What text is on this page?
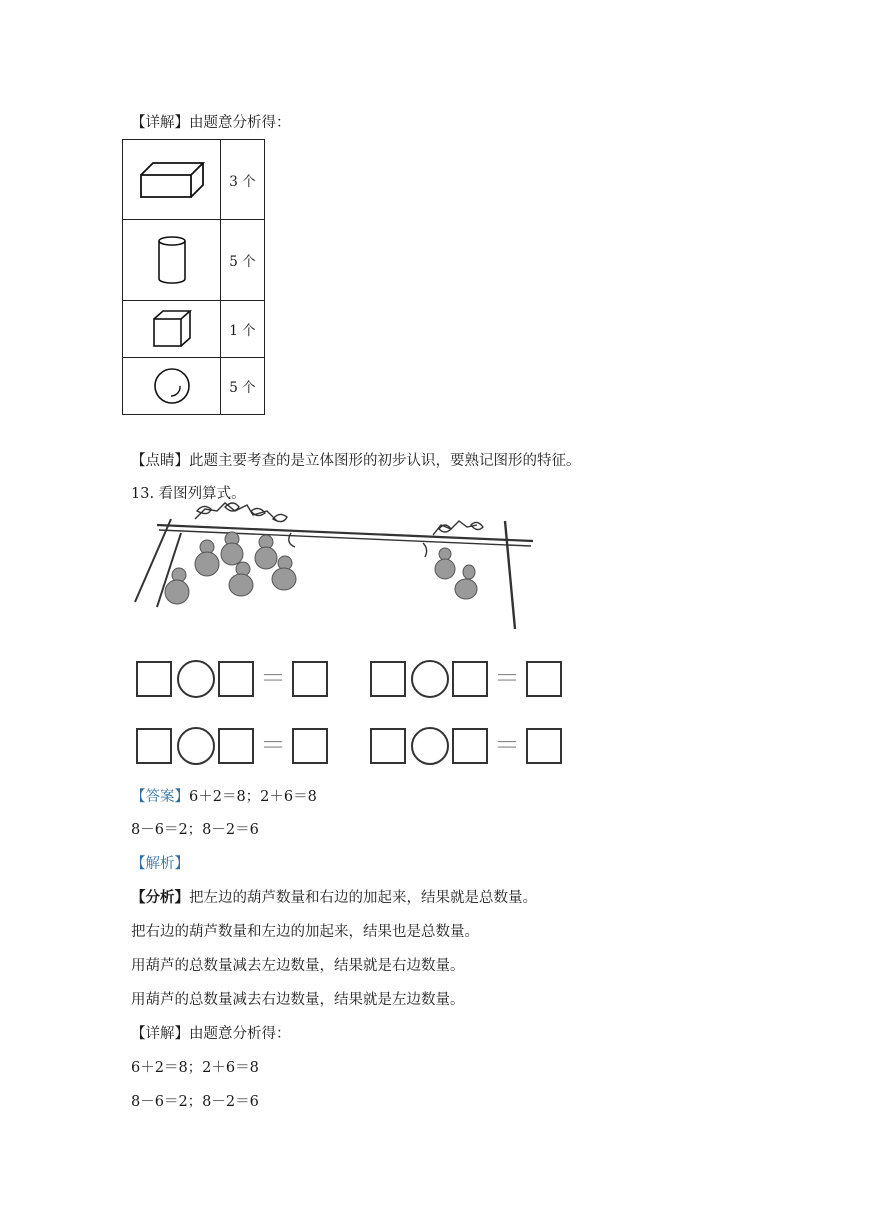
【详解】由题意分析得：
	3 个

	5 个

	1 个

	5 个
【点睛】此题主要考查的是立体图形的初步认识，要熟记图形的特征。
13. 看图列算式。
＝	＝
＝	＝
【答案】6＋2＝8；2＋6＝8
8－6＝2；8－2＝6
【解析】
【分析】把左边的葫芦数量和右边的加起来，结果就是总数量。
把右边的葫芦数量和左边的加起来，结果也是总数量。
用葫芦的总数量减去左边数量，结果就是右边数量。
用葫芦的总数量减去右边数量，结果就是左边数量。
【详解】由题意分析得：
6＋2＝8；2＋6＝8
8－6＝2；8－2＝6
